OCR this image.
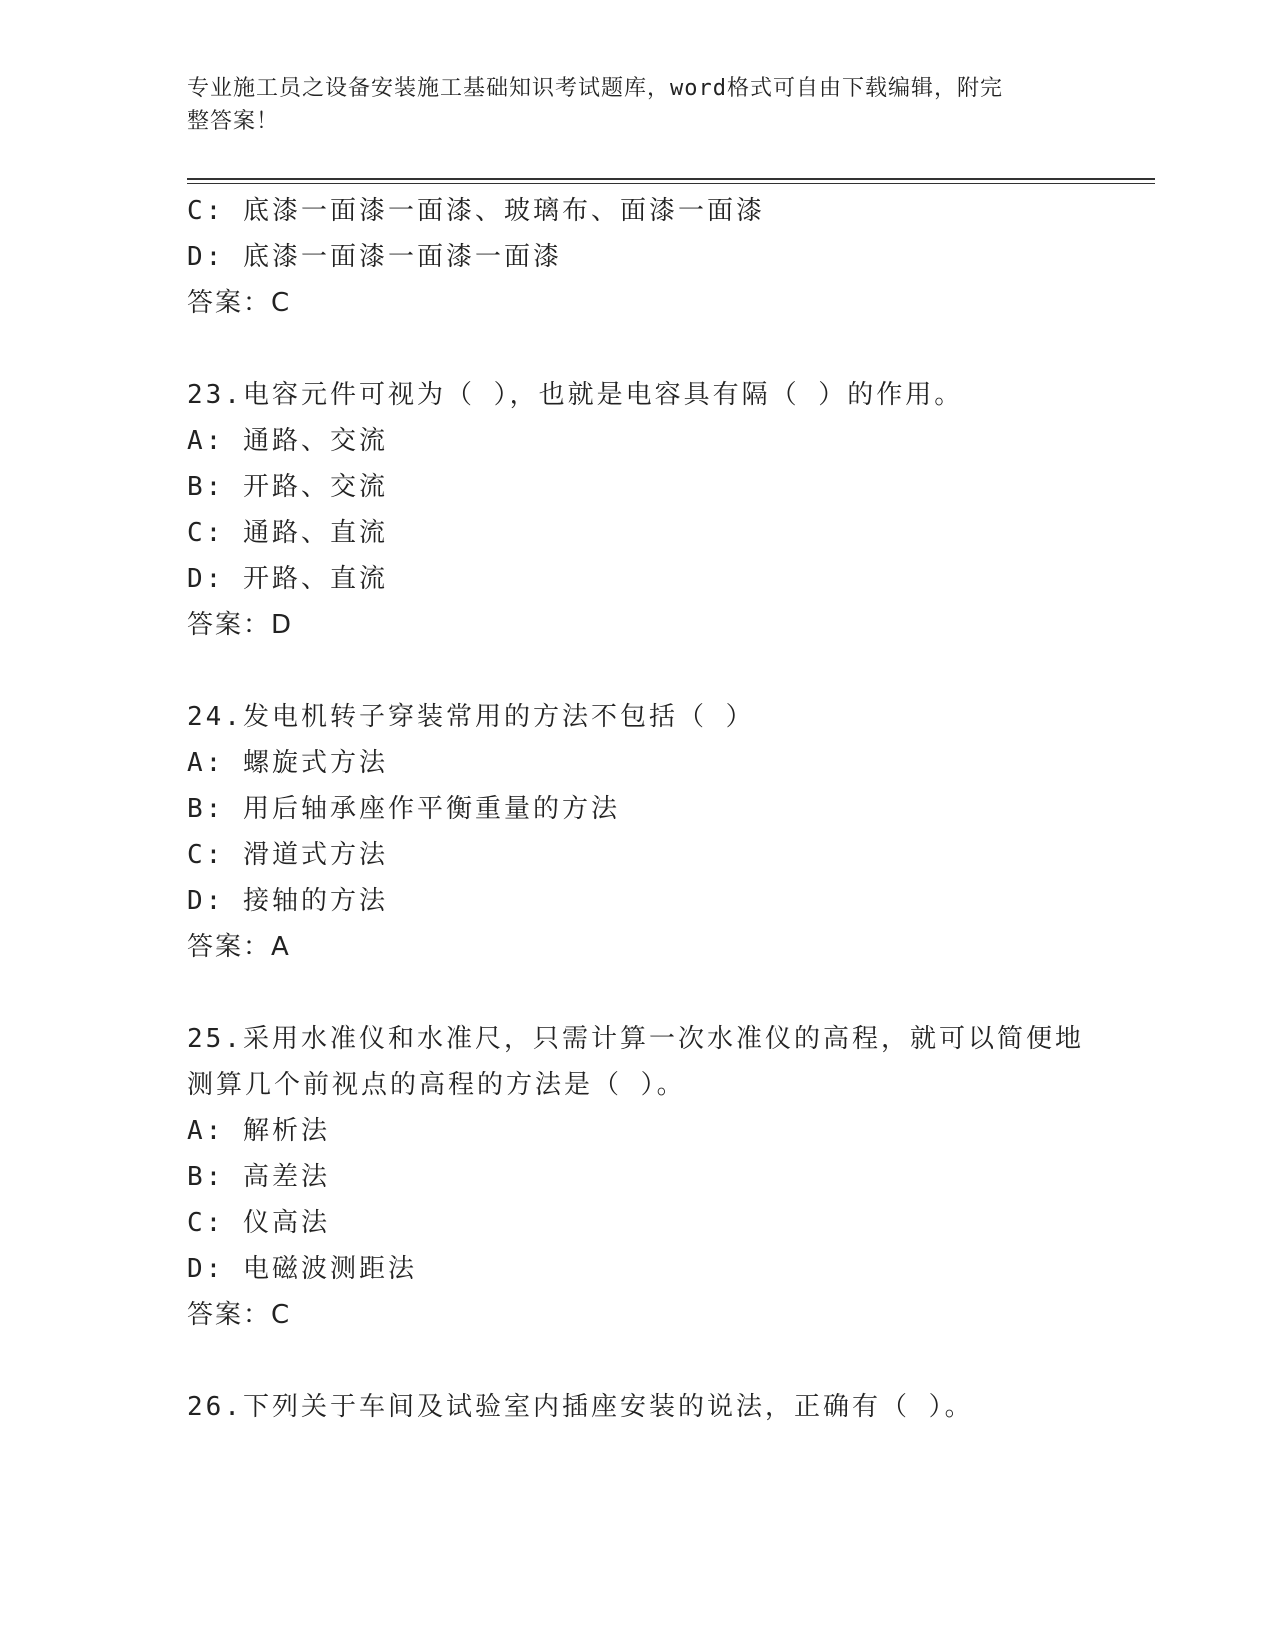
专业施工员之设备安装施工基础知识考试题库，word格式可自由下载编辑，附完
整答案！
C: 底漆一面漆一面漆、玻璃布、面漆一面漆
D: 底漆一面漆一面漆一面漆
答案：C
23.电容元件可视为（ ），也就是电容具有隔（ ）的作用。
A: 通路、交流
B: 开路、交流
C: 通路、直流
D: 开路、直流
答案：D
24.发电机转子穿装常用的方法不包括（ ）
A: 螺旋式方法
B: 用后轴承座作平衡重量的方法
C: 滑道式方法
D: 接轴的方法
答案：A
25.采用水准仪和水准尺，只需计算一次水准仪的高程，就可以简便地
测算几个前视点的高程的方法是（ ）。
A: 解析法
B: 高差法
C: 仪高法
D: 电磁波测距法
答案：C
26.下列关于车间及试验室内插座安装的说法，正确有（ ）。
